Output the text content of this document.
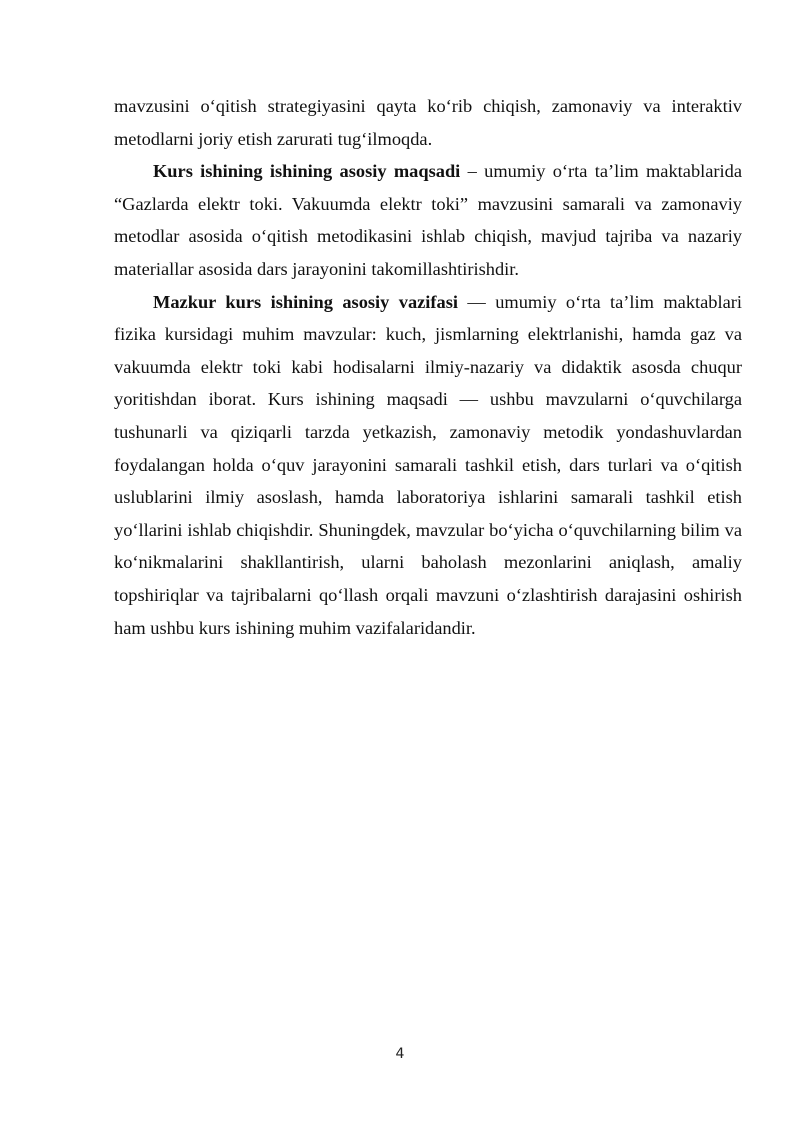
mavzusini o‘qitish strategiyasini qayta ko‘rib chiqish, zamonaviy va interaktiv metodlarni joriy etish zarurati tug‘ilmoqda.

Kurs ishining ishining asosiy maqsadi – umumiy o‘rta ta’lim maktablarida “Gazlarda elektr toki. Vakuumda elektr toki” mavzusini samarali va zamonaviy metodlar asosida o‘qitish metodikasini ishlab chiqish, mavjud tajriba va nazariy materiallar asosida dars jarayonini takomillashtirishdir.

Mazkur kurs ishining asosiy vazifasi — umumiy o‘rta ta’lim maktablari fizika kursidagi muhim mavzular: kuch, jismlarning elektrlanishi, hamda gaz va vakuumda elektr toki kabi hodisalarni ilmiy-nazariy va didaktik asosda chuqur yoritishdan iborat. Kurs ishining maqsadi — ushbu mavzularni o‘quvchilarga tushunarli va qiziqarli tarzda yetkazish, zamonaviy metodik yondashuvlardan foydalangan holda o‘quv jarayonini samarali tashkil etish, dars turlari va o‘qitish uslublarini ilmiy asoslash, hamda laboratoriya ishlarini samarali tashkil etish yo‘llarini ishlab chiqishdir. Shuningdek, mavzular bo‘yicha o‘quvchilarning bilim va ko‘nikmalarini shakllantirish, ularni baholash mezonlarini aniqlash, amaliy topshiriqlar va tajribalarni qo‘llash orqali mavzuni o‘zlashtirish darajasini oshirish ham ushbu kurs ishining muhim vazifalaridandir.

4
